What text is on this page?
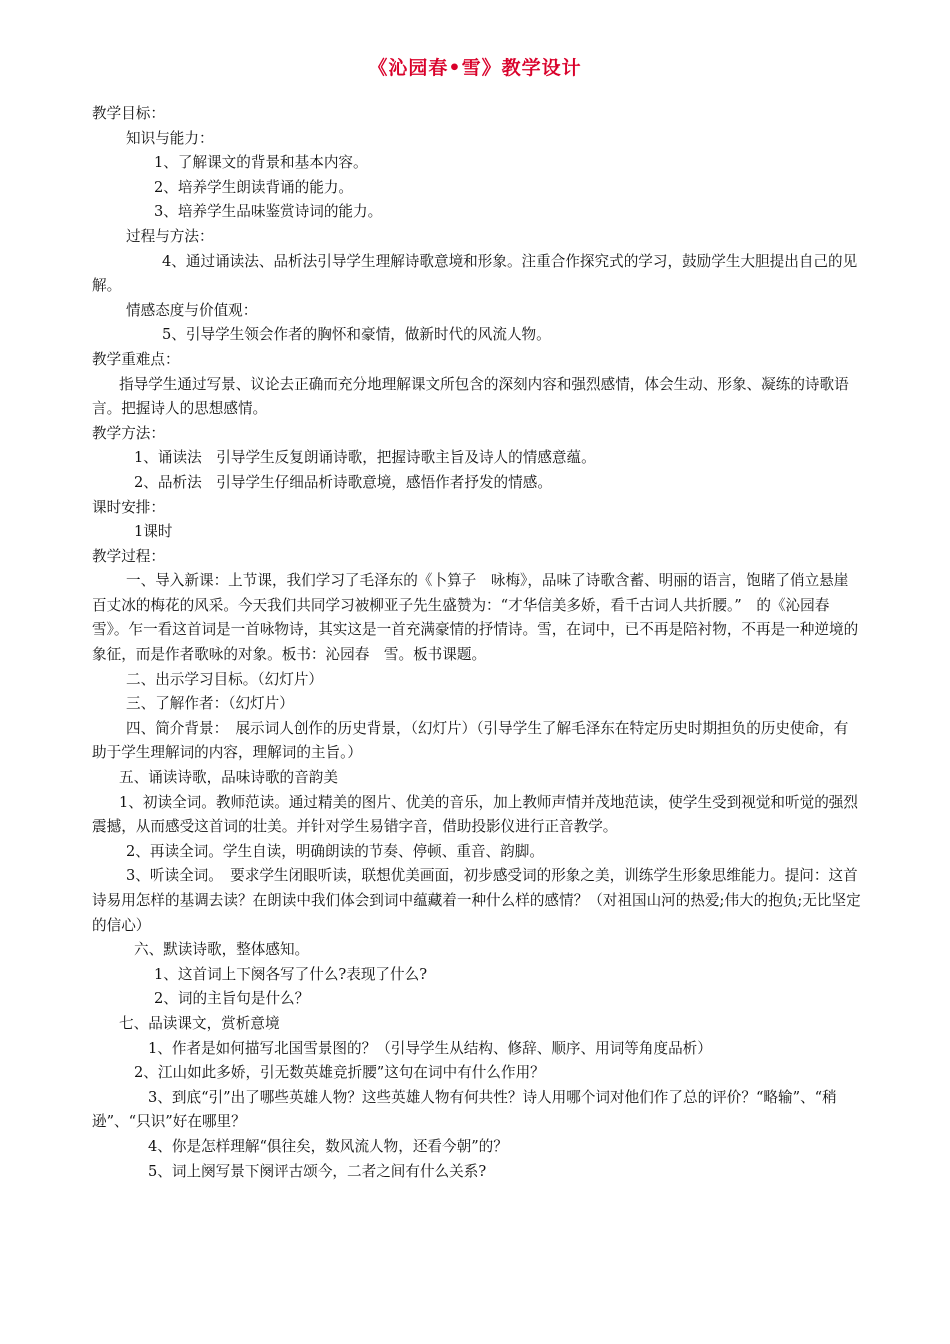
《沁园春•雪》教学设计

教学目标：

知识与能力：

1、了解课文的背景和基本内容。

2、培养学生朗读背诵的能力。

3、培养学生品味鉴赏诗词的能力。

过程与方法：

4、通过诵读法、品析法引导学生理解诗歌意境和形象。注重合作探究式的学习，鼓励学生大胆提出自己的见解。

情感态度与价值观：

5、引导学生领会作者的胸怀和豪情，做新时代的风流人物。

教学重难点：

指导学生通过写景、议论去正确而充分地理解课文所包含的深刻内容和强烈感情，体会生动、形象、凝练的诗歌语言。把握诗人的思想感情。

教学方法：

1、诵读法　引导学生反复朗诵诗歌，把握诗歌主旨及诗人的情感意蕴。

2、品析法　引导学生仔细品析诗歌意境，感悟作者抒发的情感。

课时安排：

1课时

教学过程：

一、导入新课：上节课，我们学习了毛泽东的《卜算子　咏梅》，品味了诗歌含蓄、明丽的语言，饱睹了俏立悬崖百丈冰的梅花的风采。今天我们共同学习被柳亚子先生盛赞为：“才华信美多娇，看千古词人共折腰。”　的《沁园春　雪》。乍一看这首词是一首咏物诗，其实这是一首充满豪情的抒情诗。雪，在词中，已不再是陪衬物，不再是一种逆境的象征，而是作者歌咏的对象。板书：沁园春　雪。板书课题。

二、出示学习目标。（幻灯片）

三、了解作者：（幻灯片）

四、简介背景：　展示词人创作的历史背景，（幻灯片）（引导学生了解毛泽东在特定历史时期担负的历史使命，有助于学生理解词的内容，理解词的主旨。）

五、诵读诗歌，品味诗歌的音韵美

1、初读全词。教师范读。通过精美的图片、优美的音乐，加上教师声情并茂地范读，使学生受到视觉和听觉的强烈震撼，从而感受这首词的壮美。并针对学生易错字音，借助投影仪进行正音教学。

2、再读全词。学生自读，明确朗读的节奏、停顿、重音、韵脚。

3、听读全词。　要求学生闭眼听读，联想优美画面，初步感受词的形象之美，训练学生形象思维能力。提问：这首诗易用怎样的基调去读？在朗读中我们体会到词中蕴藏着一种什么样的感情？（对祖国山河的热爱;伟大的抱负;无比坚定的信心）

六、默读诗歌，整体感知。

1、这首词上下阕各写了什么?表现了什么?

2、词的主旨句是什么？

七、品读课文，赏析意境

1、作者是如何描写北国雪景图的？（引导学生从结构、修辞、顺序、用词等角度品析）

2、江山如此多娇，引无数英雄竞折腰”这句在词中有什么作用？

3、到底“引”出了哪些英雄人物？这些英雄人物有何共性？诗人用哪个词对他们作了总的评价？“略输”、“稍逊”、“只识”好在哪里？

4、你是怎样理解“俱往矣，数风流人物，还看今朝”的？

5、词上阕写景下阕评古颂今，二者之间有什么关系?
